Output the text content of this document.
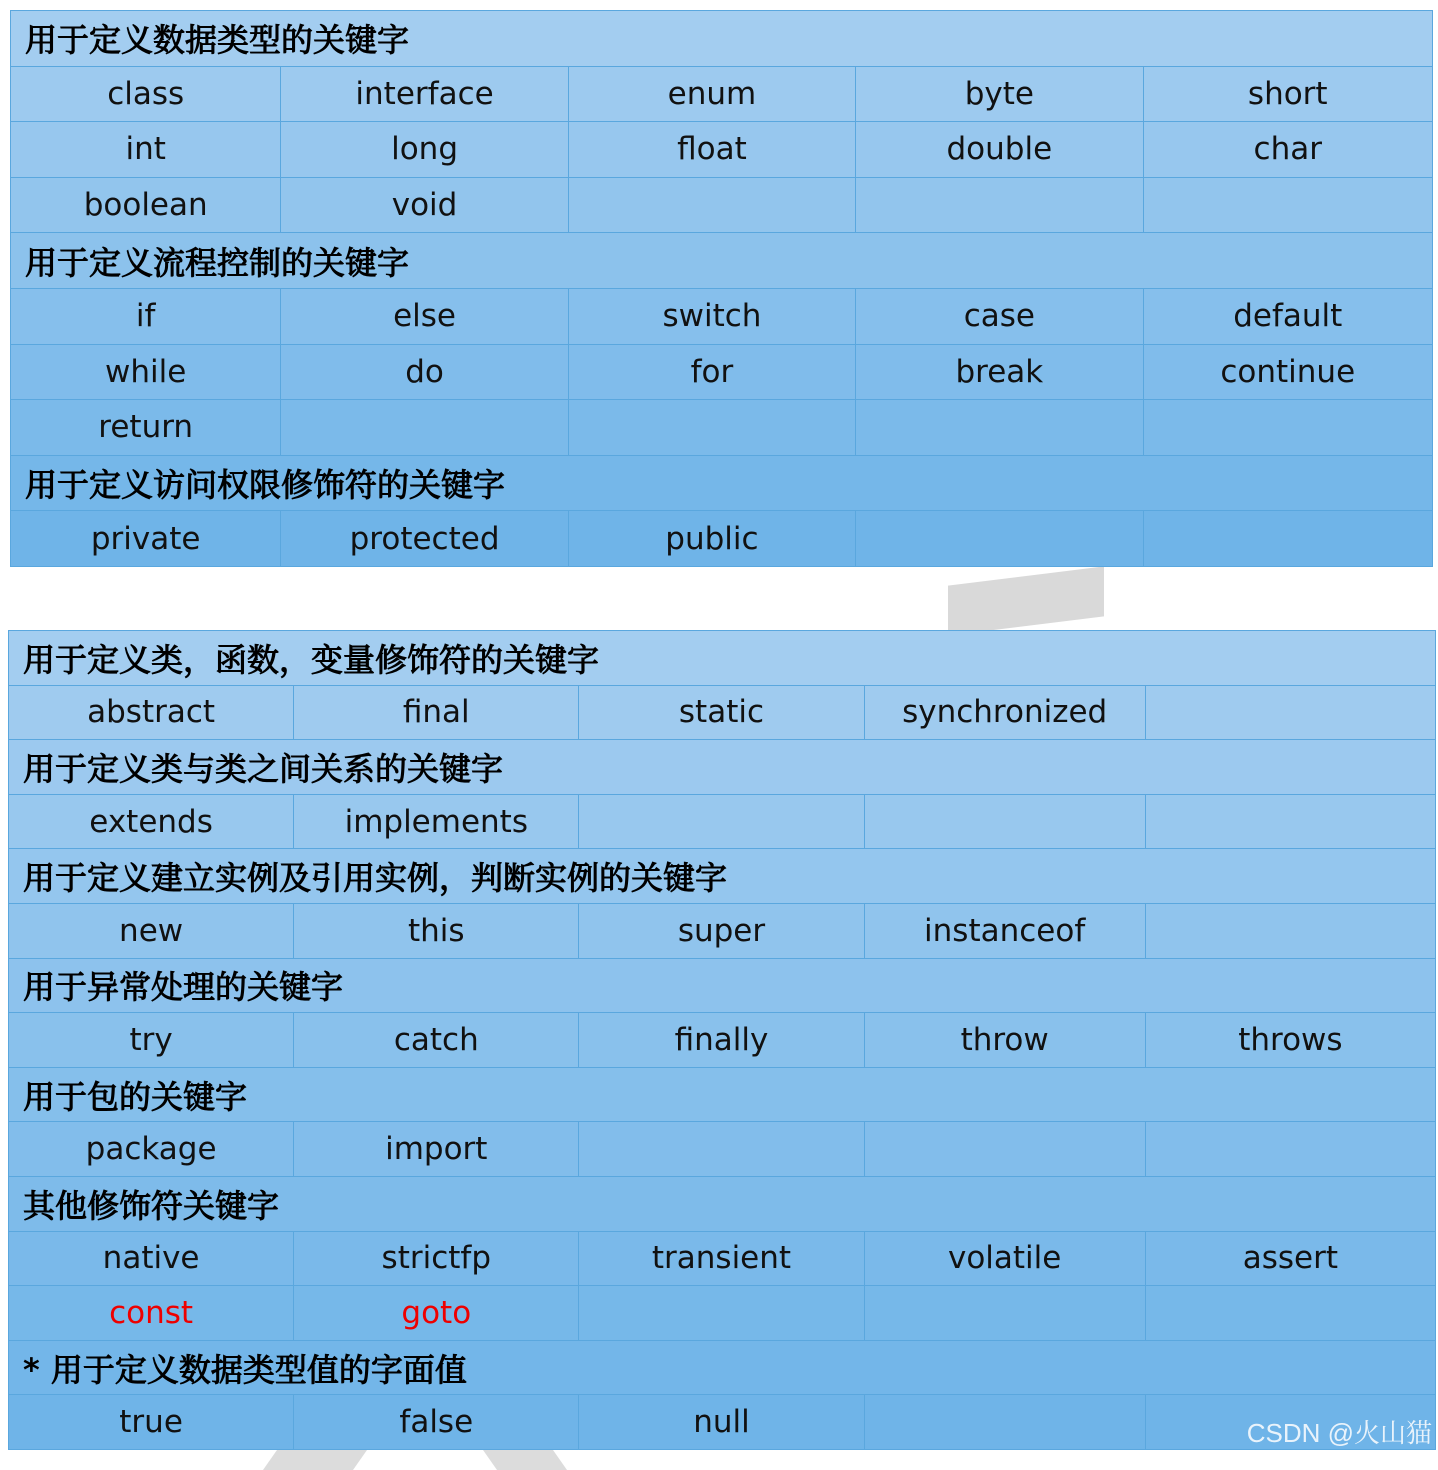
用于定义数据类型的关键字				
class	interface	enum	byte	short
int	long	float	double	char
boolean	void			
用于定义流程控制的关键字				
if	else	switch	case	default
while	do	for	break	continue
return				
用于定义访问权限修饰符的关键字				
private	protected	public		
用于定义类，函数，变量修饰符的关键字				
abstract	final	static	synchronized	
用于定义类与类之间关系的关键字				
extends	implements			
用于定义建立实例及引用实例，判断实例的关键字				
new	this	super	instanceof	
用于异常处理的关键字				
try	catch	finally	throw	throws
用于包的关键字				
package	import			
其他修饰符关键字				
native	strictfp	transient	volatile	assert
const	goto			
* 用于定义数据类型值的字面值				
true	false	null			CSDN @火山猫
